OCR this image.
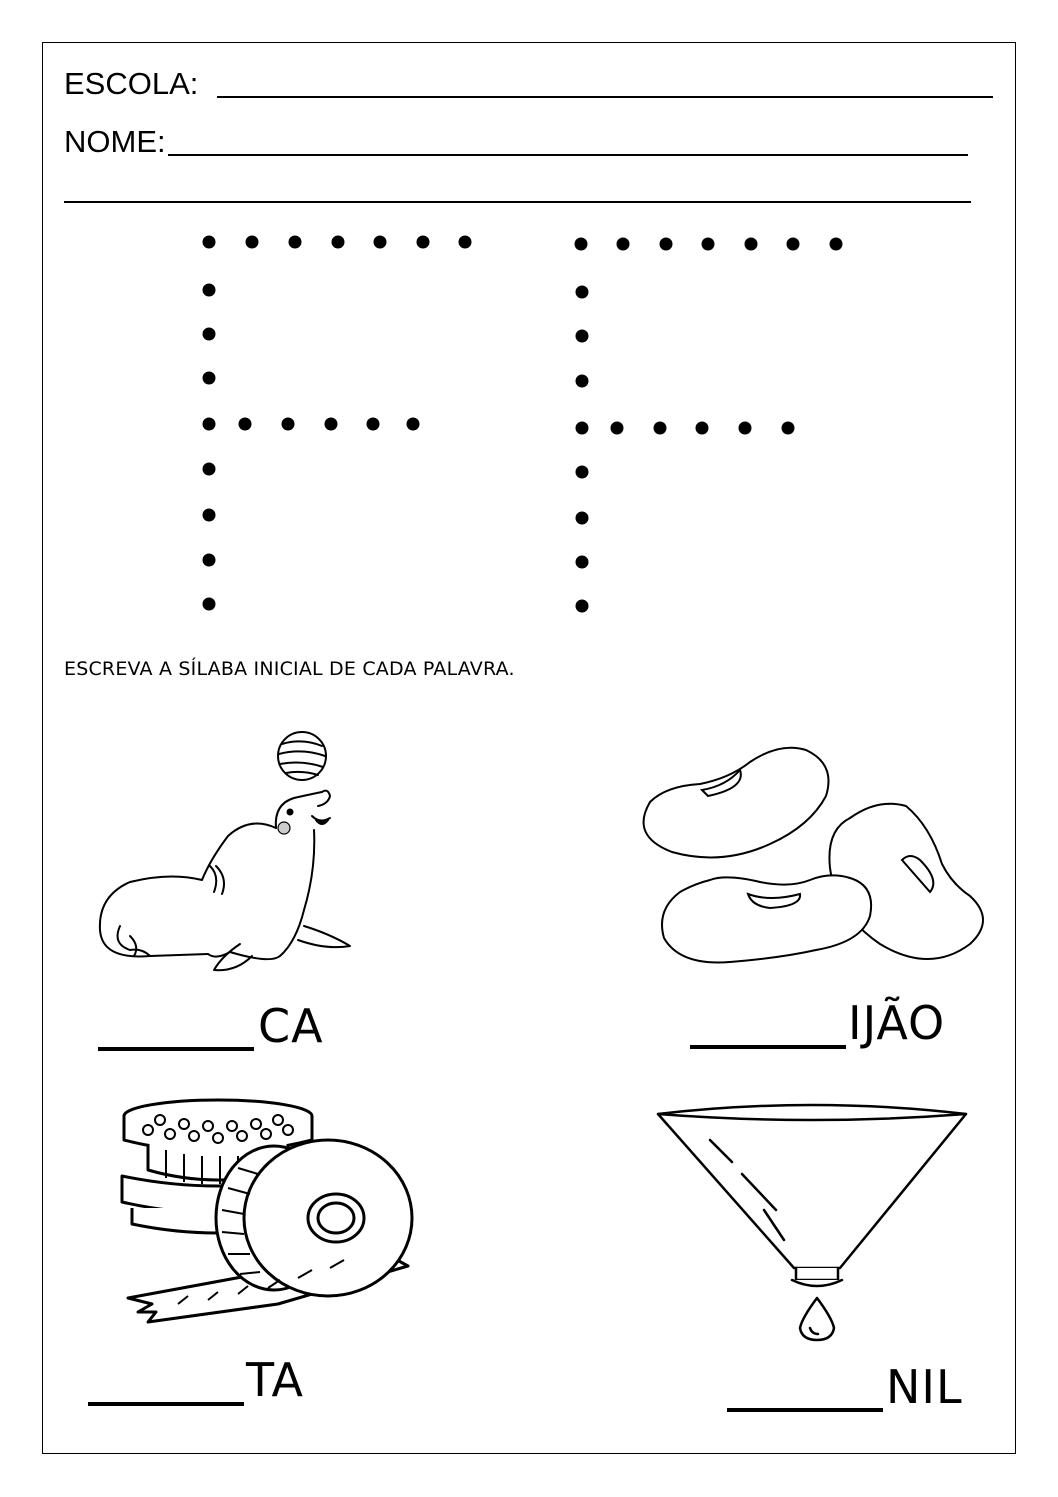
ESCOLA:
NOME:
ESCREVA A SÍLABA INICIAL DE CADA PALAVRA.
CA	IJÃO
TA	NIL
